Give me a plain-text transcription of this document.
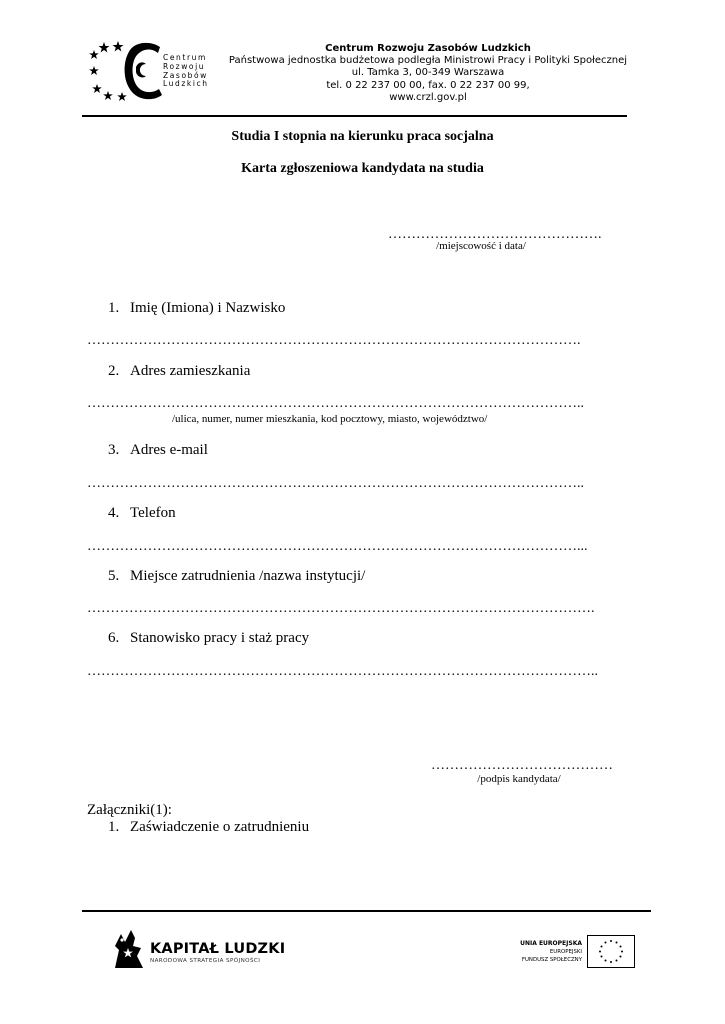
Centrum
Rozwoju
Zasobów
Ludzkich
Centrum Rozwoju Zasobów Ludzkich
Państwowa jednostka budżetowa podległa Ministrowi Pracy i Polityki Społecznej
ul. Tamka 3, 00-349 Warszawa
tel. 0 22 237 00 00, fax. 0 22 237 00 99,
www.crzl.gov.pl
Studia I stopnia na kierunku praca socjalna
Karta zgłoszeniowa kandydata na studia
……………………………………….
/miejscowość i data/
1. Imię (Imiona) i Nazwisko
…………………………………………………………………………………………….
2. Adres zamieszkania
……………………………………………………………………………………………..
/ulica, numer, numer mieszkania, kod pocztowy, miasto, województwo/
3. Adres e-mail
……………………………………………………………………………………………..
4. Telefon
……………………………………………………………………………………………...
5. Miejsce zatrudnienia /nazwa instytucji/
……………………………………………………………………………………………….
6. Stanowisko pracy i staż pracy
………………………………………………………………………………………………..
…………………………………
/podpis kandydata/
Załączniki(1):
1. Zaświadczenie o zatrudnieniu
KAPITAŁ LUDZKI
NARODOWA STRATEGIA SPÓJNOŚCI
UNIA EUROPEJSKA
EUROPEJSKI
FUNDUSZ SPOŁECZNY
